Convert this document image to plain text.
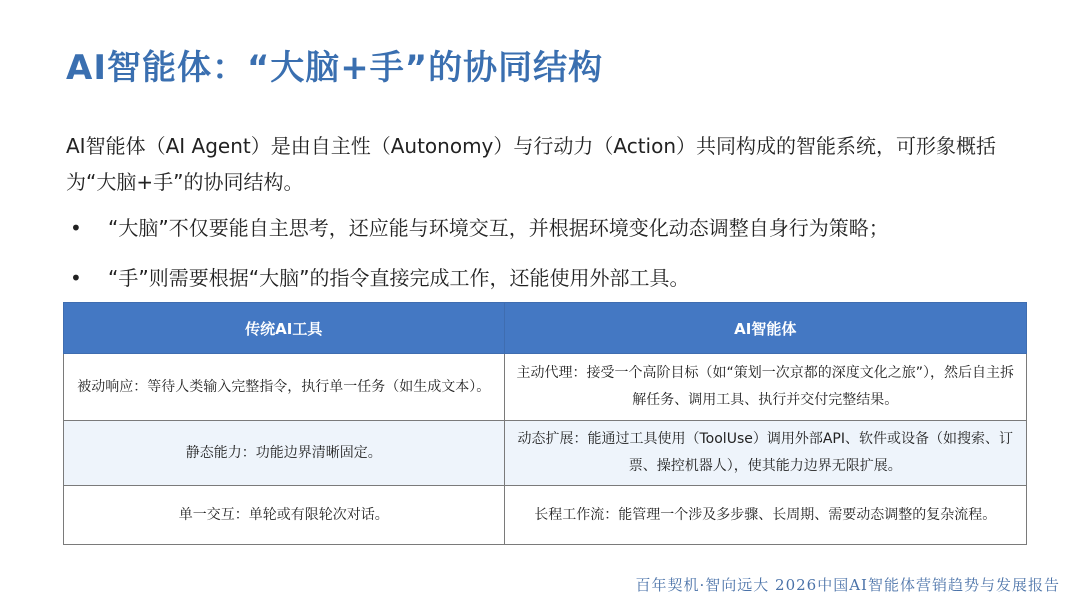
AI智能体：“大脑+手”的协同结构
AI智能体（AI Agent）是由自主性（Autonomy）与行动力（Action）共同构成的智能系统，可形象概括为“大脑+手”的协同结构。
• “大脑”不仅要能自主思考，还应能与环境交互，并根据环境变化动态调整自身行为策略；
• “手”则需要根据“大脑”的指令直接完成工作，还能使用外部工具。
传统AI工具	AI智能体
被动响应：等待人类输入完整指令，执行单一任务（如生成文本）。	主动代理：接受一个高阶目标（如“策划一次京都的深度文化之旅”），然后自主拆解任务、调用工具、执行并交付完整结果。
静态能力：功能边界清晰固定。	动态扩展：能通过工具使用（ToolUse）调用外部API、软件或设备（如搜索、订票、操控机器人），使其能力边界无限扩展。
单一交互：单轮或有限轮次对话。	长程工作流：能管理一个涉及多步骤、长周期、需要动态调整的复杂流程。
百年契机·智向远大 2026中国AI智能体营销趋势与发展报告
